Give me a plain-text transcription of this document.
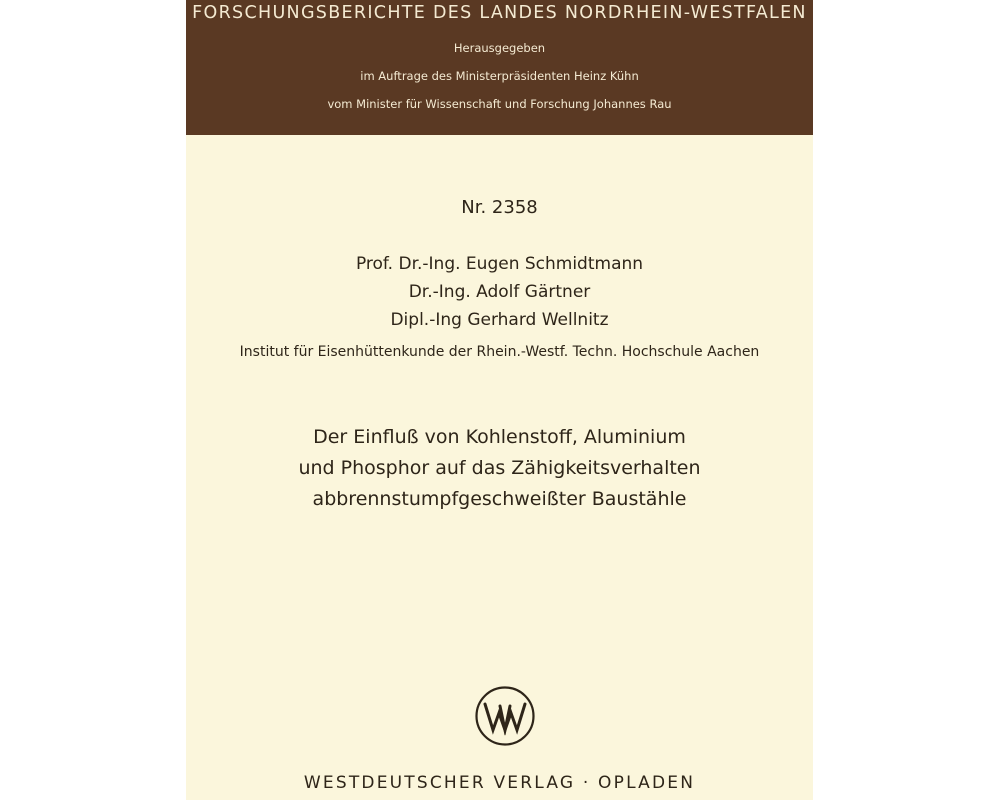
FORSCHUNGSBERICHTE DES LANDES NORDRHEIN-WESTFALEN
Herausgegeben
im Auftrage des Ministerpräsidenten Heinz Kühn
vom Minister für Wissenschaft und Forschung Johannes Rau
Nr. 2358
Prof. Dr.-Ing. Eugen Schmidtmann
Dr.-Ing. Adolf Gärtner
Dipl.-Ing Gerhard Wellnitz
Institut für Eisenhüttenkunde der Rhein.-Westf. Techn. Hochschule Aachen
Der Einfluß von Kohlenstoff, Aluminium
und Phosphor auf das Zähigkeitsverhalten
abbrennstumpfgeschweißter Baustähle
WESTDEUTSCHER VERLAG · OPLADEN
